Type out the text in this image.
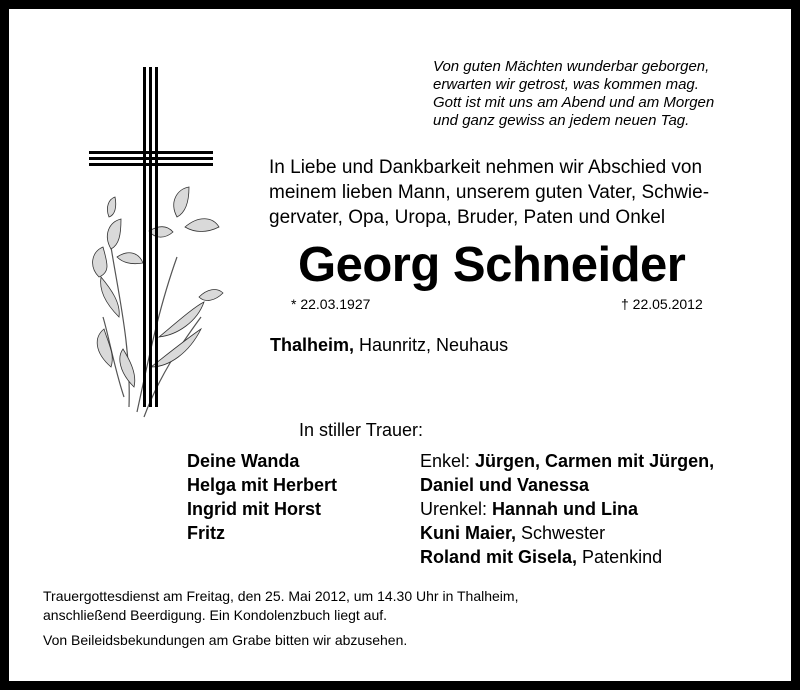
Von guten Mächten wunderbar geborgen,
erwarten wir getrost, was kommen mag.
Gott ist mit uns am Abend und am Morgen
und ganz gewiss an jedem neuen Tag.
In Liebe und Dankbarkeit nehmen wir Abschied von
meinem lieben Mann, unserem guten Vater, Schwie-
gervater, Opa, Uropa, Bruder, Paten und Onkel
Georg Schneider
* 22.03.1927	† 22.05.2012
Thalheim, Haunritz, Neuhaus
In stiller Trauer:
Deine Wanda
Helga mit Herbert
Ingrid mit Horst
Fritz
Enkel: Jürgen, Carmen mit Jürgen,
Daniel und Vanessa
Urenkel: Hannah und Lina
Kuni Maier, Schwester
Roland mit Gisela, Patenkind
Trauergottesdienst am Freitag, den 25. Mai 2012, um 14.30 Uhr in Thalheim,
anschließend Beerdigung. Ein Kondolenzbuch liegt auf.
Von Beileidsbekundungen am Grabe bitten wir abzusehen.
